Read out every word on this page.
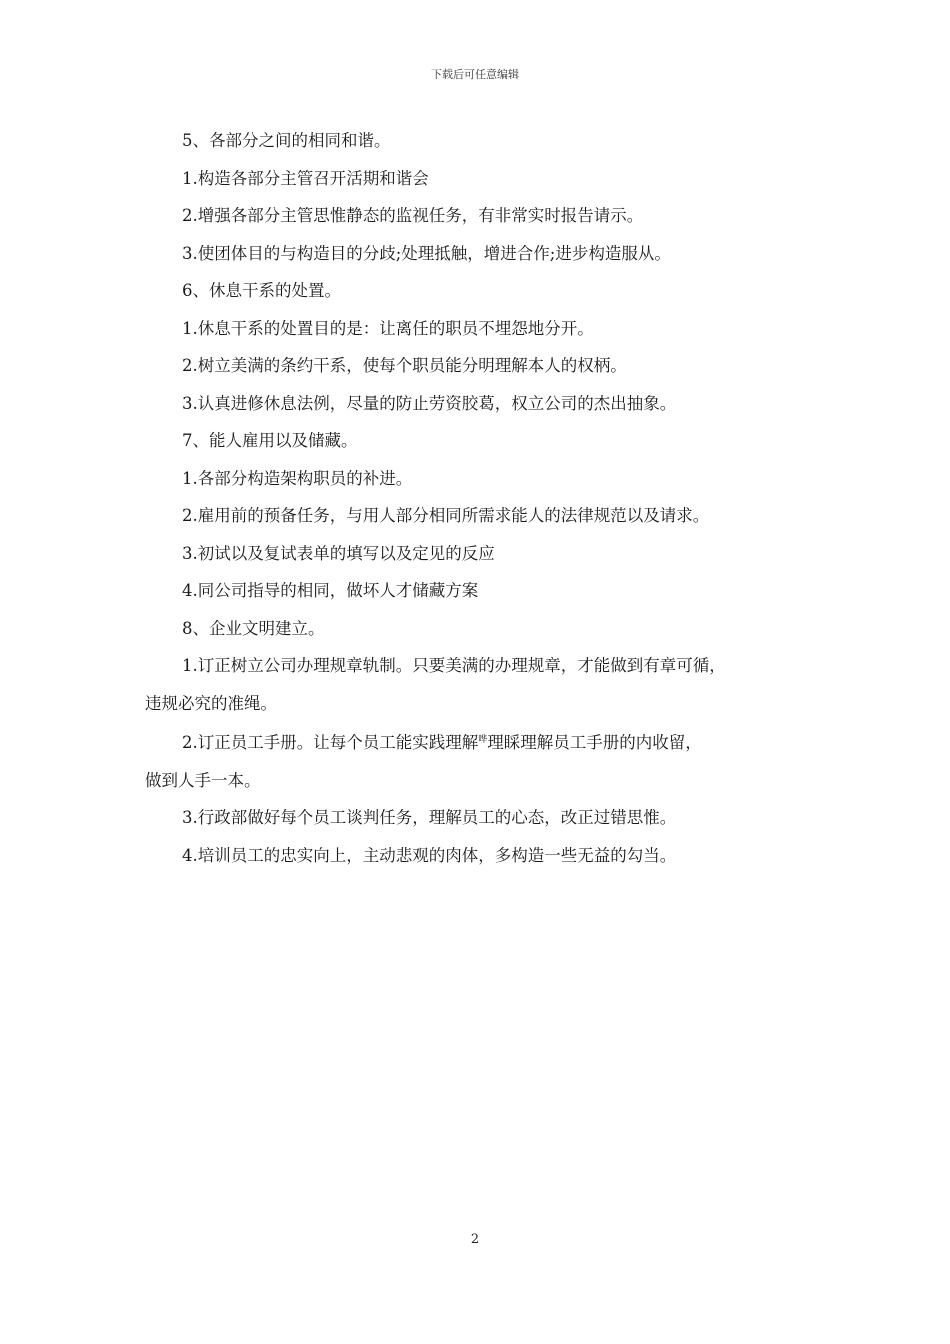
下载后可任意编辑
5、各部分之间的相同和谐。
1.构造各部分主管召开活期和谐会
2.增强各部分主管思惟静态的监视任务，有非常实时报告请示。
3.使团体目的与构造目的分歧;处理抵触，增进合作;进步构造服从。
6、休息干系的处置。
1.休息干系的处置目的是：让离任的职员不埋怨地分开。
2.树立美满的条约干系，使每个职员能分明理解本人的权柄。
3.认真进修休息法例，尽量的防止劳资胶葛，权立公司的杰出抽象。
7、能人雇用以及储藏。
1.各部分构造架构职员的补进。
2.雇用前的预备任务，与用人部分相同所需求能人的法律规范以及请求。
3.初试以及复试表单的填写以及定见的反应
4.同公司指导的相同，做坏人才储藏方案
8、企业文明建立。
1.订正树立公司办理规章轨制。只要美满的办理规章，才能做到有章可循，
违规必究的准绳。
2.订正员工手册。让每个员工能实践理解$^哗$理睬理解员工手册的内收留，
做到人手一本。
3.行政部做好每个员工谈判任务，理解员工的心态，改正过错思惟。
4.培训员工的忠实向上，主动悲观的肉体，多构造一些无益的勾当。
2
